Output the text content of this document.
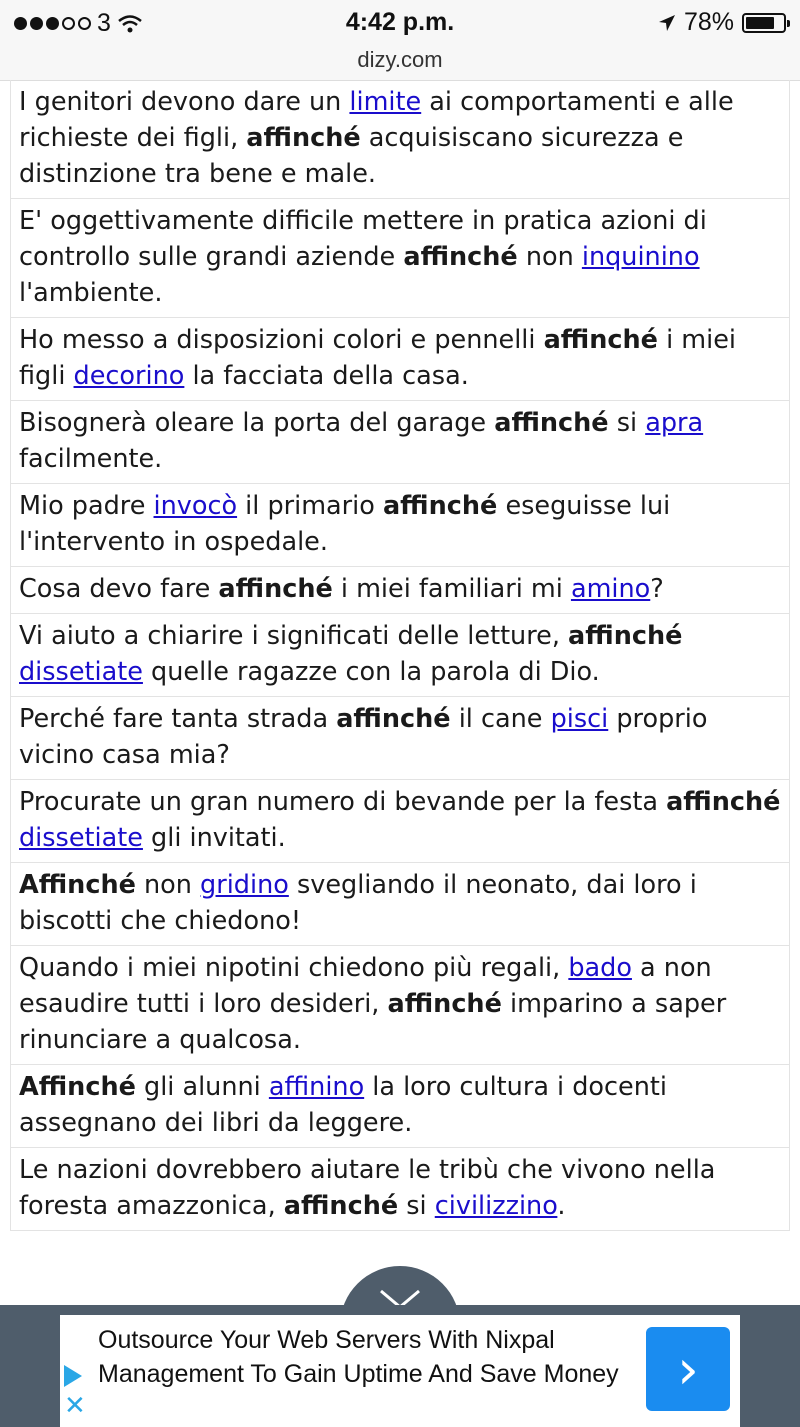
3	4:42 p.m.	78%
dizy.com
I genitori devono dare un limite ai comportamenti e alle richieste dei figli, affinché acquisiscano sicurezza e distinzione tra bene e male.
E' oggettivamente difficile mettere in pratica azioni di controllo sulle grandi aziende affinché non inquinino l'ambiente.
Ho messo a disposizioni colori e pennelli affinché i miei figli decorino la facciata della casa.
Bisognerà oleare la porta del garage affinché si apra facilmente.
Mio padre invocò il primario affinché eseguisse lui l'intervento in ospedale.
Cosa devo fare affinché i miei familiari mi amino?
Vi aiuto a chiarire i significati delle letture, affinché dissetiate quelle ragazze con la parola di Dio.
Perché fare tanta strada affinché il cane pisci proprio vicino casa mia?
Procurate un gran numero di bevande per la festa affinché dissetiate gli invitati.
Affinché non gridino svegliando il neonato, dai loro i biscotti che chiedono!
Quando i miei nipotini chiedono più regali, bado a non esaudire tutti i loro desideri, affinché imparino a saper rinunciare a qualcosa.
Affinché gli alunni affinino la loro cultura i docenti assegnano dei libri da leggere.
Le nazioni dovrebbero aiutare le tribù che vivono nella foresta amazzonica, affinché si civilizzino.
✕
Outsource Your Web Servers With Nixpal Management To Gain Uptime And Save Money	›
